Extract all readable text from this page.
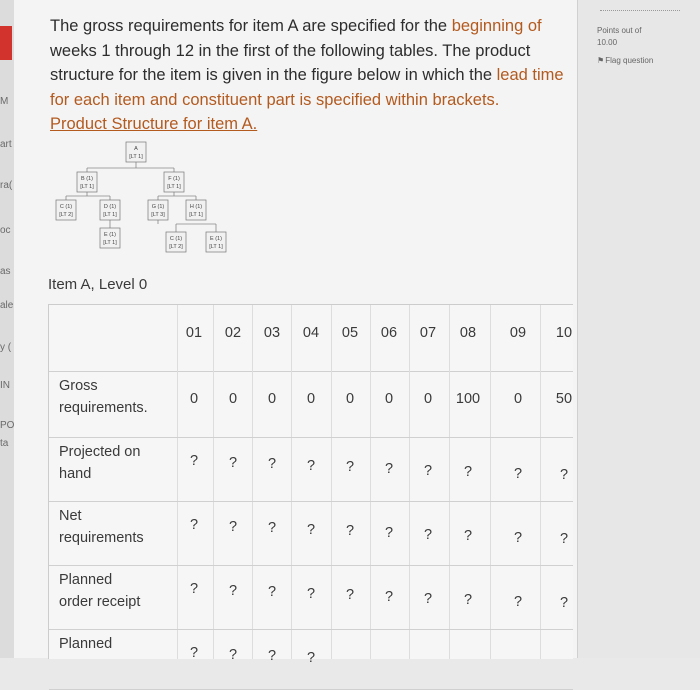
M
art
ra(
oc
as
ale
y (
IN
PO
ta
The gross requirements for item A are specified for the beginning of
weeks 1 through 12 in the first of the following tables. The product
structure for the item is given in the figure below in which the lead time
for each item and constituent part is specified within brackets.
Product Structure for item A.
A
[LT 1]
B (1)
[LT 1]
F (1)
[LT 1]
C (1)
[LT 2]
D (1)
[LT 1]
G (1)
[LT 3]
H (1)
[LT 1]
E (1)
[LT 1]
C (1)
[LT 2]
E (1)
[LT 1]
Item A, Level 0
01	02	03	04	05	06	07	08	09	10
Gross
requirements.
0	0	0	0	0	0	0	100	0	50
Projected on
hand
?	?	?	?	?	?	?	?	?	?
Net
requirements
?	?	?	?	?	?	?	?	?	?
Planned
order receipt
?	?	?	?	?	?	?	?	?	?
Planned
?	?	?	?
Points out of
10.00
⚑ Flag question
